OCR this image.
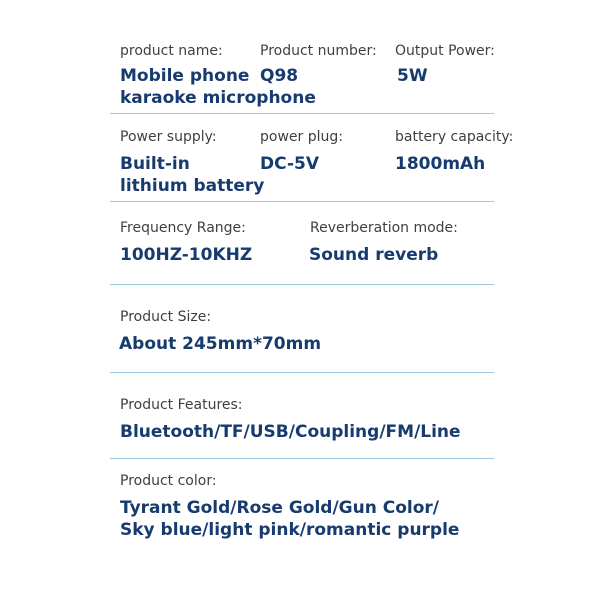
product name:
Mobile phone
karaoke microphone
Product number:
Q98
Output Power:
5W
Power supply:
Built-in
lithium battery
power plug:
DC-5V
battery capacity:
1800mAh
Frequency Range:
100HZ-10KHZ
Reverberation mode:
Sound reverb
Product Size:
About 245mm*70mm
Product Features:
Bluetooth/TF/USB/Coupling/FM/Line
Product color:
Tyrant Gold/Rose Gold/Gun Color/
Sky blue/light pink/romantic purple
